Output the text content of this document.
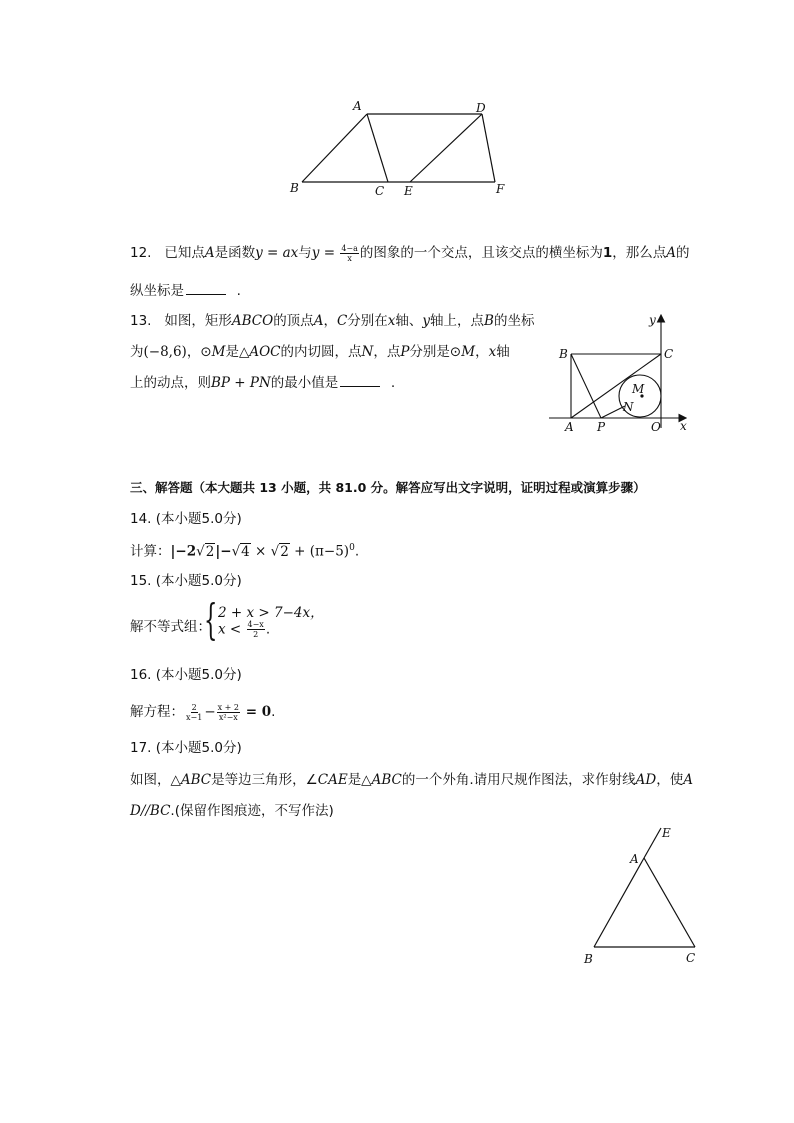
A	D
B	C E	F
12. 已知点A是函数y = ax与$y = \frac{4-a}{x}$ 的图象的一个交点，且该交点的横坐标为1，那么点A的
纵坐标是	.
13. 如图，矩形ABCO的顶点A，C分别在x轴、y轴上，点B的坐标
为(−8,6)，⊙M是△AOC的内切圆，点N，点P分别是⊙M，x轴
上的动点，则BP + PN的最小值是	.
y
x
B	C
M
N
A P	O
三、解答题（本大题共 13 小题，共 81.0 分。解答应写出文字说明，证明过程或演算步骤）
14. (本小题5.0分)
计算：$|-2√2|-√4 \times √2 + (\pi-5)^0$.
15. (本小题5.0分)
解不等式组：
{ 2 + x > 7−4x，
$x < \frac{4-x}{2}$ .
16. (本小题5.0分)
解方程： $\frac{2}{x-1} - \frac{x + 2}{\text{x²−x}} = 0$.
17. (本小题5.0分)
如图，△ABC是等边三角形，∠CAE是△ABC的一个外角.请用尺规作图法，求作射线AD，使A
D//BC.(保留作图痕迹，不写作法)
E
A
B	C
